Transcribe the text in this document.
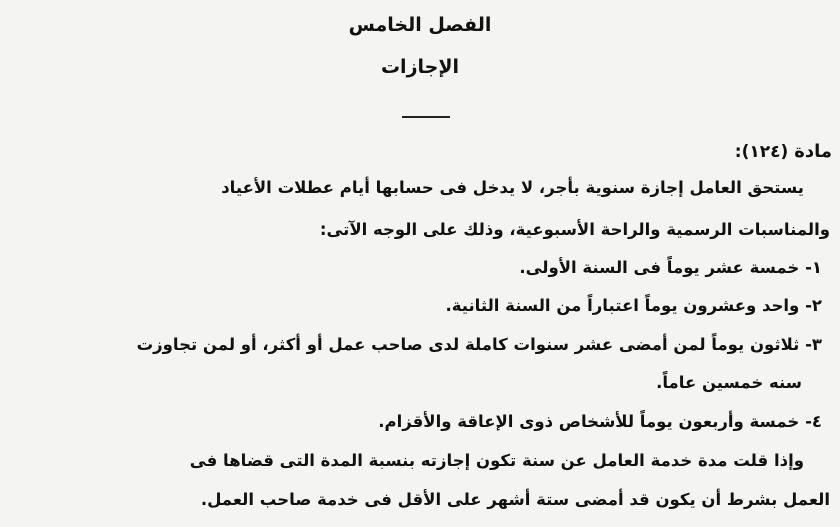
الفصل الخامس
الإجازات
مادة (١٢٤):
يستحق العامل إجازة سنوية بأجر، لا يدخل فى حسابها أيام عطلات الأعياد
والمناسبات الرسمية والراحة الأسبوعية، وذلك على الوجه الآتى:
١- خمسة عشر يوماً فى السنة الأولى.
٢- واحد وعشرون يوماً اعتباراً من السنة الثانية.
٣- ثلاثون يوماً لمن أمضى عشر سنوات كاملة لدى صاحب عمل أو أكثر، أو لمن تجاوزت
سنه خمسين عاماً.
٤- خمسة وأربعون يوماً للأشخاص ذوى الإعاقة والأقزام.
وإذا قلت مدة خدمة العامل عن سنة تكون إجازته بنسبة المدة التى قضاها فى
العمل بشرط أن يكون قد أمضى ستة أشهر على الأقل فى خدمة صاحب العمل.
